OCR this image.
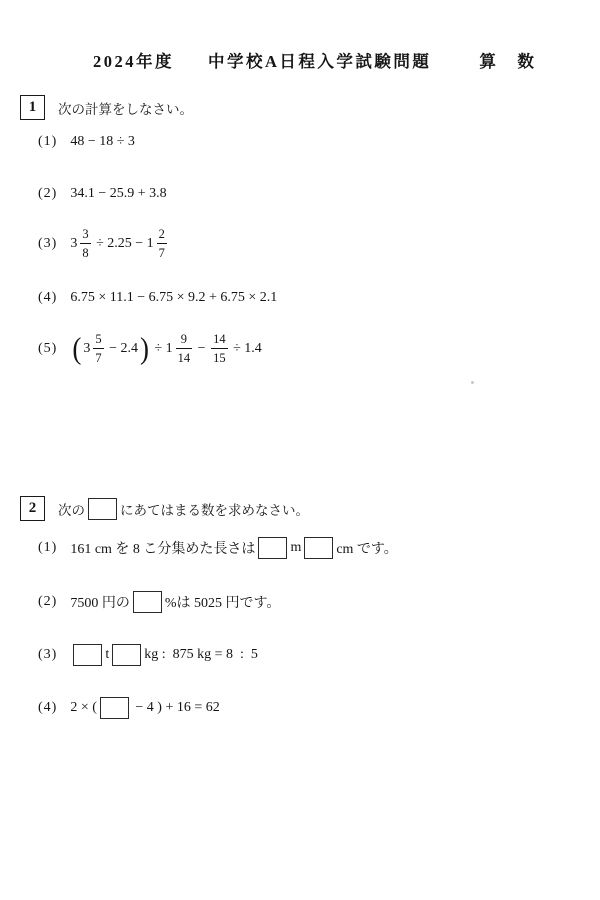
2024年度 中学校A日程入学試験問題	算　数
1 次の計算をしなさい。
(1) 48 − 18 ÷ 3
(2) 34.1 − 25.9 + 3.8
(3) $3 \frac{3}{8} \div 2.25 - 1 \frac{2}{7}$
(4) 6.75 × 11.1 − 6.75 × 9.2 + 6.75 × 2.1
(5) ( $3 \frac{5}{7} - 2.4$ ) ÷ $1 \frac{9}{14} - \frac{14}{15} \div 1.4$
2 次の	にあてはまる数を求めなさい。
(1) 161 cm を 8 こ分集めた長さは	m	cm です。
(2) 7500 円の	%は 5025 円です。
(3)	t	kg :  875 kg = 8  :  5
(4) 2 × (	− 4 ) + 16 = 62
